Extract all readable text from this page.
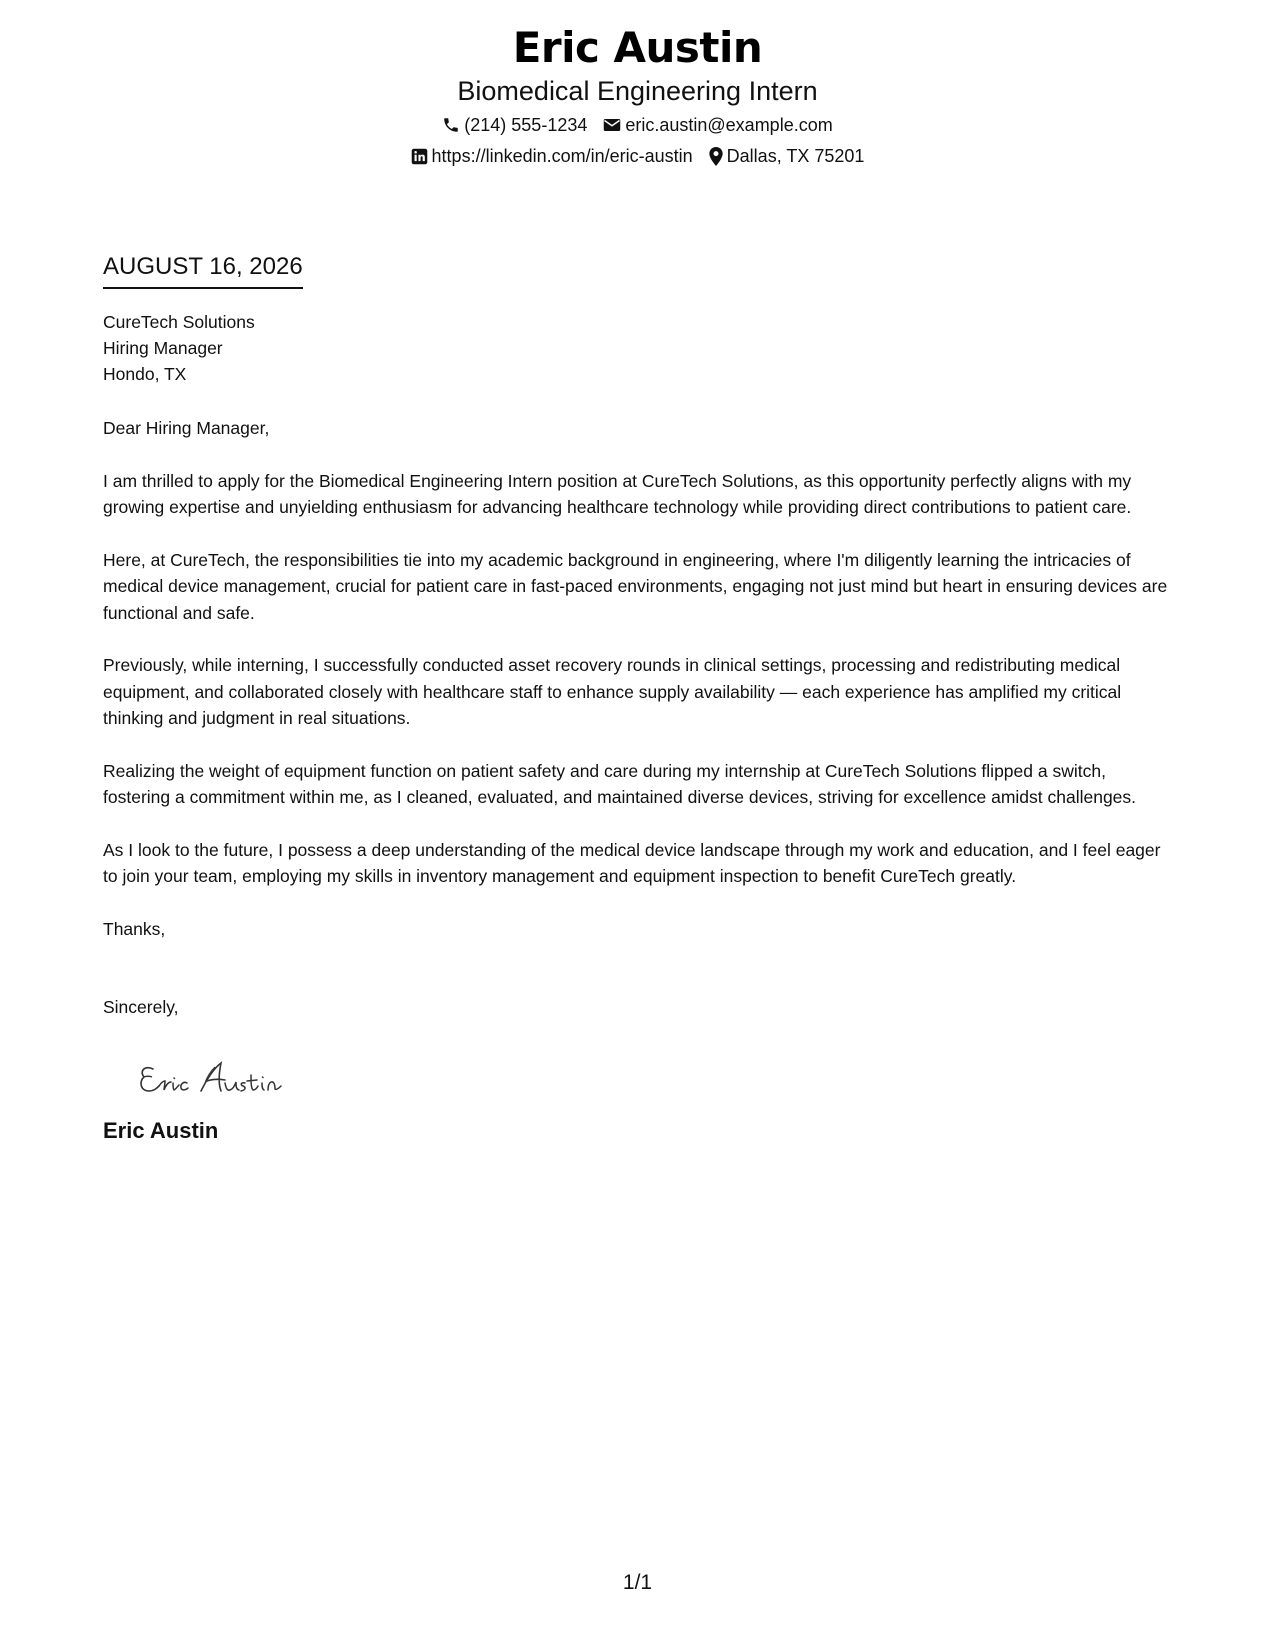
Eric Austin
Biomedical Engineering Intern
(214) 555-1234 eric.austin@example.com
https://linkedin.com/in/eric-austin Dallas, TX 75201
AUGUST 16, 2026
CureTech Solutions
Hiring Manager
Hondo, TX
Dear Hiring Manager,
I am thrilled to apply for the Biomedical Engineering Intern position at CureTech Solutions, as this opportunity perfectly aligns with my growing expertise and unyielding enthusiasm for advancing healthcare technology while providing direct contributions to patient care.
Here, at CureTech, the responsibilities tie into my academic background in engineering, where I'm diligently learning the intricacies of medical device management, crucial for patient care in fast-paced environments, engaging not just mind but heart in ensuring devices are functional and safe.
Previously, while interning, I successfully conducted asset recovery rounds in clinical settings, processing and redistributing medical equipment, and collaborated closely with healthcare staff to enhance supply availability — each experience has amplified my critical thinking and judgment in real situations.
Realizing the weight of equipment function on patient safety and care during my internship at CureTech Solutions flipped a switch, fostering a commitment within me, as I cleaned, evaluated, and maintained diverse devices, striving for excellence amidst challenges.
As I look to the future, I possess a deep understanding of the medical device landscape through my work and education, and I feel eager to join your team, employing my skills in inventory management and equipment inspection to benefit CureTech greatly.
Thanks,
Sincerely,
Eric Austin
1/1
